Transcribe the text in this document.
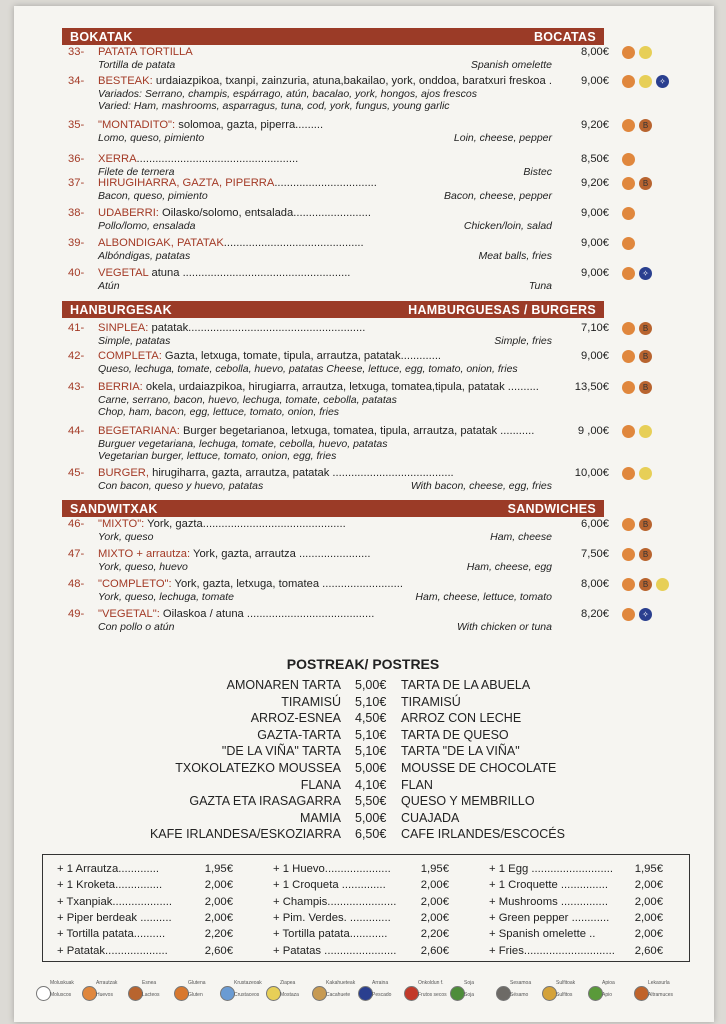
BOKATAK	BOCATAS
HANBURGESAK	HAMBURGUESAS / BURGERS
SANDWITXAK	SANDWICHES
33- PATATA TORTILLA	8,00€
Tortilla de patata	Spanish omelette
34- BESTEAK: urdaiazpikoa, txanpi, zainzuria, atuna,bakailao, york, onddoa, baratxuri freskoa .	9,00€	✧
Variados: Serrano, champis, espárrago, atún, bacalao, york, hongos, ajos frescos
Varied: Ham, mashrooms, asparragus, tuna, cod, york, fungus, young garlic
35- "MONTADITO": solomoa, gazta, piperra.........	9,20€	B
Lomo, queso, pimiento	Loin, cheese, pepper
36- XERRA....................................................	8,50€
Filete de ternera	Bistec
37- HIRUGIHARRA, GAZTA, PIPERRA.................................	9,20€	B
Bacon, queso, pimiento	Bacon, cheese, pepper
38- UDABERRI: Oilasko/solomo, entsalada.........................	9,00€
Pollo/lomo, ensalada	Chicken/loin, salad
39- ALBONDIGAK, PATATAK.............................................	9,00€
Albóndigas, patatas	Meat balls, fries
40- VEGETAL atuna ......................................................	9,00€	✧
Atún	Tuna
41- SINPLEA: patatak.........................................................	7,10€	B
Simple, patatas	Simple, fries
42- COMPLETA: Gazta, letxuga, tomate, tipula, arrautza, patatak.............	9,00€	B
Queso, lechuga, tomate, cebolla, huevo, patatas Cheese, lettuce, egg, tomato, onion, fries
43- BERRIA: okela, urdaiazpikoa, hirugiarra, arrautza, letxuga, tomatea,tipula, patatak ..........	13,50€	B
Carne, serrano, bacon, huevo, lechuga, tomate, cebolla, patatas
Chop, ham, bacon, egg, lettuce, tomato, onion, fries
44- BEGETARIANA: Burger begetarianoa, letxuga, tomatea, tipula, arrautza, patatak ...........	9 ,00€
Burguer vegetariana, lechuga, tomate, cebolla, huevo, patatas
Vegetarian burger, lettuce, tomato, onion, egg, fries
45- BURGER, hirugiharra, gazta, arrautza, patatak .......................................	10,00€
Con bacon, queso y huevo, patatas	With bacon, cheese, egg, fries
46- "MIXTO": York, gazta..............................................	6,00€	B
York, queso	Ham, cheese
47- MIXTO + arrautza: York, gazta, arrautza .......................	7,50€	B
York, queso, huevo	Ham, cheese, egg
48- "COMPLETO": York, gazta, letxuga, tomatea ..........................	8,00€	B
York, queso, lechuga, tomate	Ham, cheese, lettuce, tomato
49- "VEGETAL": Oilaskoa / atuna .........................................	8,20€	✧
Con pollo o atún	With chicken or tuna
POSTREAK/ POSTRES
AMONAREN TARTA 5,00€ TARTA DE LA ABUELA
TIRAMISÚ 5,10€ TIRAMISÚ
ARROZ-ESNEA 4,50€ ARROZ CON LECHE
GAZTA-TARTA 5,10€ TARTA DE QUESO
"DE LA VIÑA" TARTA 5,10€ TARTA "DE LA VIÑA"
TXOKOLATEZKO MOUSSEA 5,00€ MOUSSE DE CHOCOLATE
FLANA 4,10€ FLAN
GAZTA ETA IRASAGARRA 5,50€ QUESO Y MEMBRILLO
MAMIA 5,00€ CUAJADA
KAFE IRLANDESA/ESKOZIARRA 6,50€ CAFE IRLANDES/ESCOCÉS
+ 1 Arrautza.............	1,95€
+ 1 Kroketa...............	2,00€
+ Txanpiak...................	2,00€
+ Piper berdeak ..........	2,00€
+ Tortilla patata..........	2,20€
+ Patatak....................	2,60€
+ 1 Huevo.....................	1,95€
+ 1 Croqueta ..............	2,00€
+ Champis......................	2,00€
+ Pim. Verdes. .............	2,00€
+ Tortilla patata............	2,20€
+ Patatas .......................	2,60€
+ 1 Egg ..........................	1,95€
+ 1 Croquette ...............	2,00€
+ Mushrooms ...............	2,00€
+ Green pepper ............	2,00€
+ Spanish omelette ..	2,00€
+ Fries.............................	2,60€
Moluskuak
Moluscos
Arrautzak
Huevos
Esnea
Lacteos
Glutena
Gluten
Krustazeoak
Crustaceos
Ziapea
Mostaza
Kakahueteak
Cacahuete
Arraina
Pescado
Onkoldun f.
Frutos secos
Soja
Soja
Sesamoa
Sésamo
Sulfitoak
Sulfitos
Apioa
Apio
Lekaxurla
Altramuces
